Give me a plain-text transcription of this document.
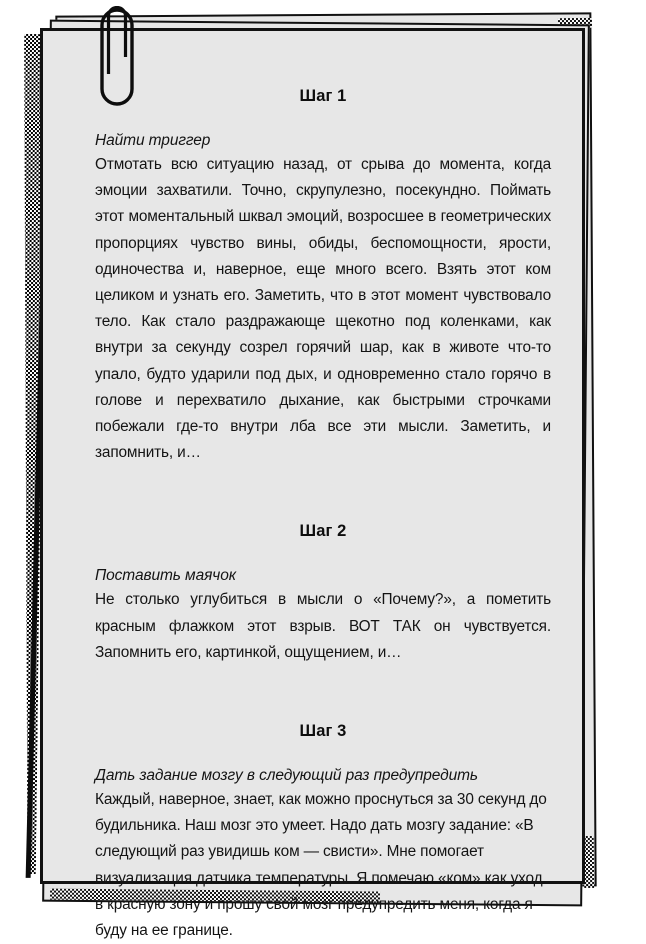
Шаг 1

Найти триггер

Отмотать всю ситуацию назад, от срыва до момента, когда эмоции захватили. Точно, скрупулезно, посекундно. Поймать этот моментальный шквал эмоций, возросшее в геометрических пропорциях чувство вины, обиды, беспомощности, ярости, одиночества и, наверное, еще много всего. Взять этот ком целиком и узнать его. Заметить, что в этот момент чувствовало тело. Как стало раздражающе щекотно под коленками, как внутри за секунду созрел горячий шар, как в животе что-то упало, будто ударили под дых, и одновременно стало горячо в голове и перехватило дыхание, как быстрыми строчками побежали где-то внутри лба все эти мысли. Заметить, и запомнить, и…

Шаг 2

Поставить маячок

Не столько углубиться в мысли о «Почему?», а пометить красным флажком этот взрыв. ВОТ ТАК он чувствуется. Запомнить его, картинкой, ощущением, и…

Шаг 3

Дать задание мозгу в следующий раз предупредить

Каждый, наверное, знает, как можно проснуться за 30 секунд до будильника. Наш мозг это умеет. Надо дать мозгу задание: «В следующий раз увидишь ком — свисти». Мне помогает визуализация датчика температуры. Я помечаю «ком» как уход в красную зону и прошу свой мозг предупредить меня, когда я буду на ее границе.
